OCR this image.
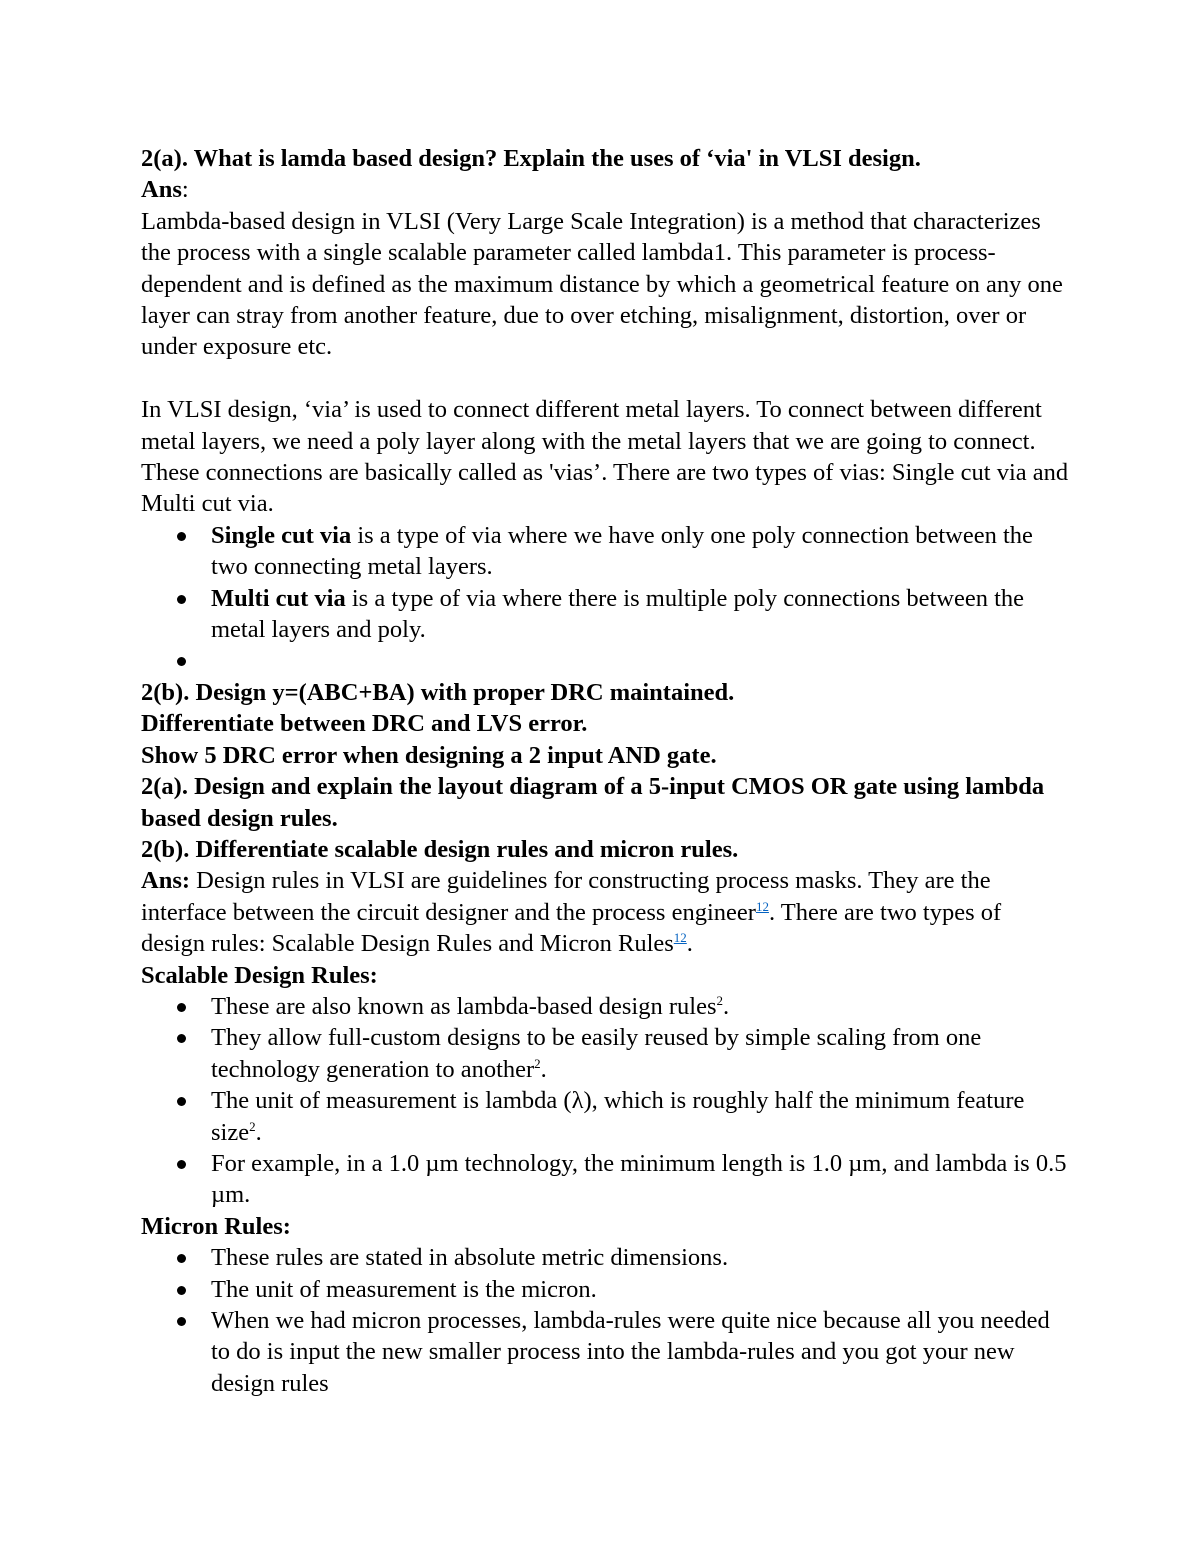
2(a). What is lamda based design? Explain the uses of ‘via' in VLSI design.

Ans:

Lambda-based design in VLSI (Very Large Scale Integration) is a method that characterizes the process with a single scalable parameter called lambda1. This parameter is process-dependent and is defined as the maximum distance by which a geometrical feature on any one layer can stray from another feature, due to over etching, misalignment, distortion, over or under exposure etc.

In VLSI design, ‘via’ is used to connect different metal layers. To connect between different metal layers, we need a poly layer along with the metal layers that we are going to connect. These connections are basically called as 'vias’. There are two types of vias: Single cut via and Multi cut via.

Single cut via is a type of via where we have only one poly connection between the two connecting metal layers.
Multi cut via is a type of via where there is multiple poly connections between the metal layers and poly.

2(b). Design y=(ABC+BA) with proper DRC maintained.

Differentiate between DRC and LVS error.

Show 5 DRC error when designing a 2 input AND gate.

2(a). Design and explain the layout diagram of a 5-input CMOS OR gate using lambda based design rules.

2(b). Differentiate scalable design rules and micron rules.

Ans: Design rules in VLSI are guidelines for constructing process masks. They are the interface between the circuit designer and the process engineer$^{12}$. There are two types of design rules: Scalable Design Rules and Micron Rules$^{12}$.

Scalable Design Rules:

These are also known as lambda-based design rules$^2$.
They allow full-custom designs to be easily reused by simple scaling from one technology generation to another$^2$.
The unit of measurement is lambda (λ), which is roughly half the minimum feature size$^2$.
For example, in a 1.0 µm technology, the minimum length is 1.0 µm, and lambda is 0.5 µm.

Micron Rules:

These rules are stated in absolute metric dimensions.
The unit of measurement is the micron.
When we had micron processes, lambda-rules were quite nice because all you needed to do is input the new smaller process into the lambda-rules and you got your new design rules
